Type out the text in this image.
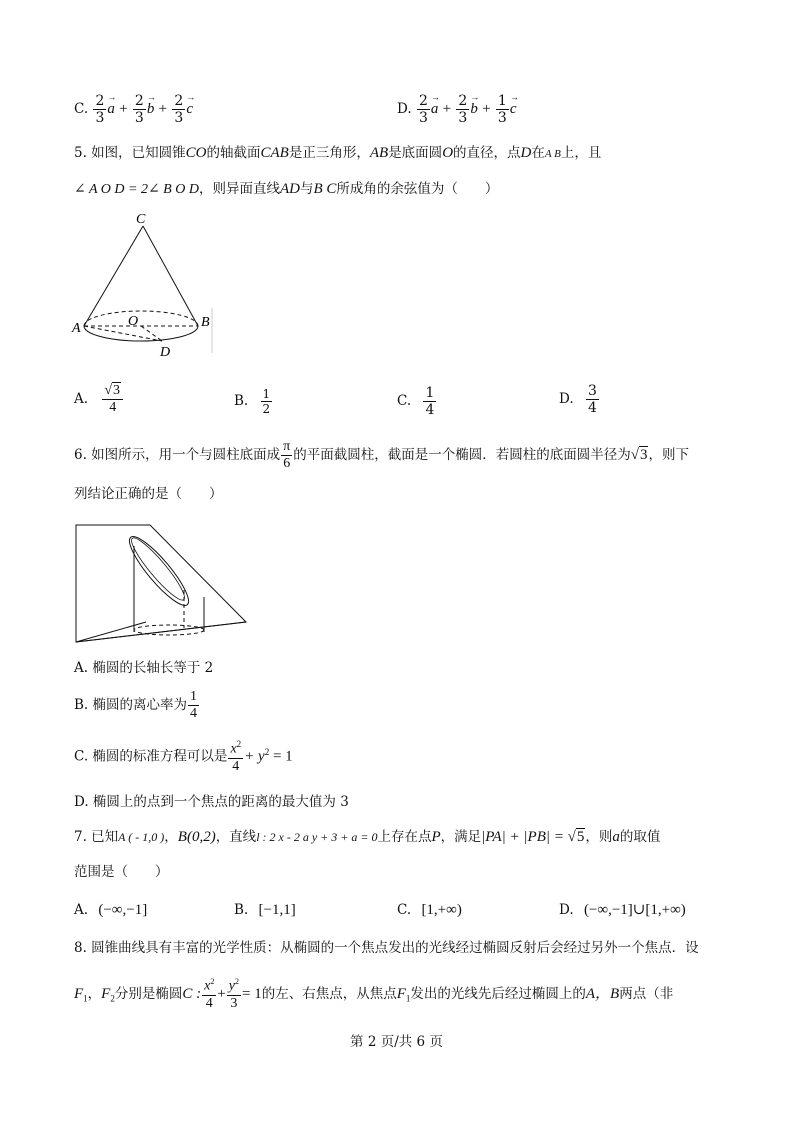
C. $\frac{2}{3}$ a → + $\frac{2}{3}$ b → + $\frac{2}{3}$ c →	D. $\frac{2}{3}$ a → + $\frac{2}{3}$ b → + $\frac{1}{3}$ c →
5. 如图，已知圆锥CO的轴截面CAB是正三角形，AB是底面圆O的直径，点D在A B上，且
∠ A O D = 2∠ B O D，则异面直线AD与B C所成角的余弦值为（　　）
C
A	B
O
D
A. $\frac{√3}{4}$	B. $\frac{1}{2}$	C. $\frac{1}{4}$	D. $\frac{3}{4}$
6. 如图所示，用一个与圆柱底面成 $\frac{\pi}{6}$ 的平面截圆柱，截面是一个椭圆．若圆柱的底面圆半径为√3，则下
列结论正确的是（　　）
A. 椭圆的长轴长等于 2
B. 椭圆的离心率为 $\frac{1}{4}$
C. 椭圆的标准方程可以是 $\frac{x^2}{4} + y^2 = 1$
D. 椭圆上的点到一个焦点的距离的最大值为 3
7. 已知A ( - 1,0 )，B(0,2)，直线l : 2 x - 2 a y + 3 + a = 0上存在点P，满足|PA| + |PB| = √5，则a的取值
范围是（　　）
A. (−∞,−1]	B. [−1,1]	C. [1,+∞)	D. (−∞,−1]∪[1,+∞)
8. 圆锥曲线具有丰富的光学性质：从椭圆的一个焦点发出的光线经过椭圆反射后会经过另外一个焦点．设
$F_1$，$F_2$分别是椭圆C : $\frac{x^2}{4} + \frac{y^2}{3} = 1$的左、右焦点，从焦点$F_1$发出的光线先后经过椭圆上的A，B两点（非
第 2 页/共 6 页
